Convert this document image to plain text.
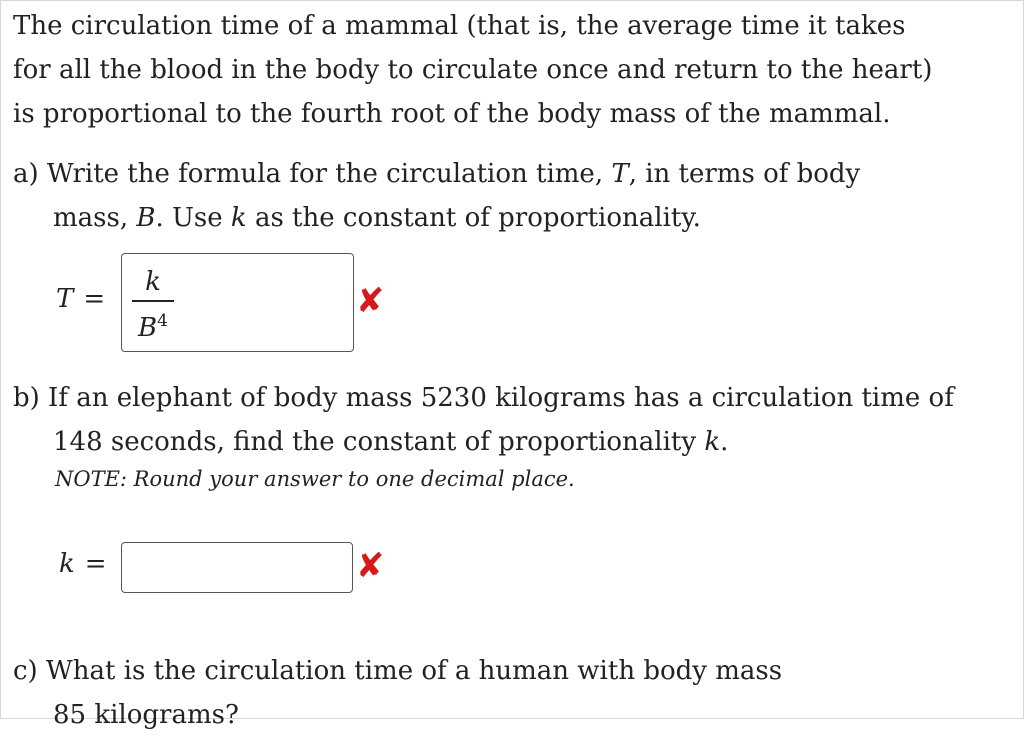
The circulation time of a mammal (that is, the average time it takes
for all the blood in the body to circulate once and return to the heart)
is proportional to the fourth root of the body mass of the mammal.
a) Write the formula for the circulation time, T, in terms of body
mass, B. Use k as the constant of proportionality.
T =
k
$B^4$	✘
b) If an elephant of body mass 5230 kilograms has a circulation time of
148 seconds, find the constant of proportionality k.
NOTE: Round your answer to one decimal place.
k =	✘
c) What is the circulation time of a human with body mass
85 kilograms?
